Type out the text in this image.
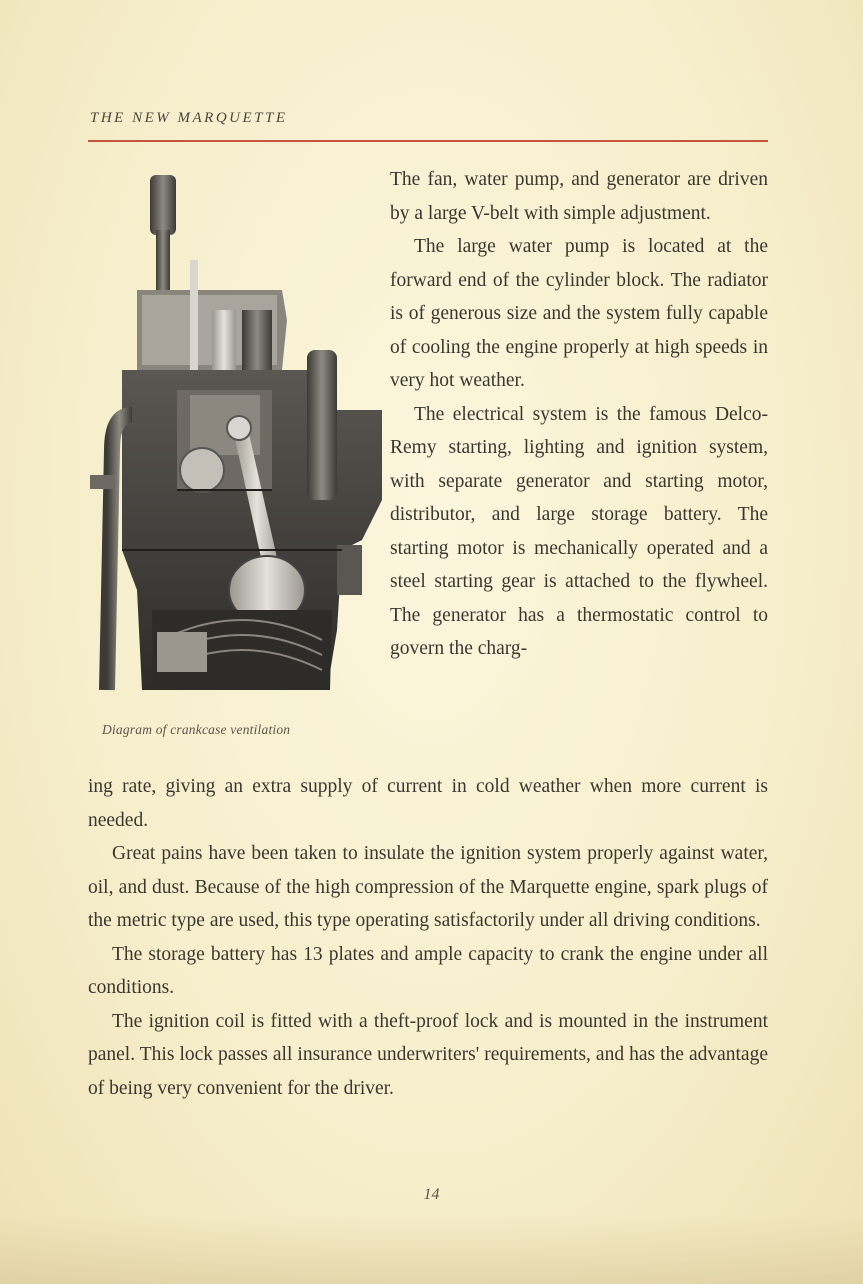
THE NEW MARQUETTE
Diagram of crankcase ventilation

The fan, water pump, and generator are driven by a large V-belt with simple adjustment.

The large water pump is located at the forward end of the cylinder block. The radiator is of generous size and the system fully capable of cooling the engine properly at high speeds in very hot weather.

The electrical system is the famous Delco-Remy starting, lighting and ignition system, with separate generator and starting motor, distributor, and large storage battery. The starting motor is mechanically operated and a steel starting gear is attached to the flywheel. The generator has a thermostatic control to govern the charg-

ing rate, giving an extra supply of current in cold weather when more current is needed.

Great pains have been taken to insulate the ignition system properly against water, oil, and dust. Because of the high compression of the Marquette engine, spark plugs of the metric type are used, this type operating satisfactorily under all driving conditions.

The storage battery has 13 plates and ample capacity to crank the engine under all conditions.

The ignition coil is fitted with a theft-proof lock and is mounted in the instrument panel. This lock passes all insurance underwriters' requirements, and has the advantage of being very convenient for the driver.

14
